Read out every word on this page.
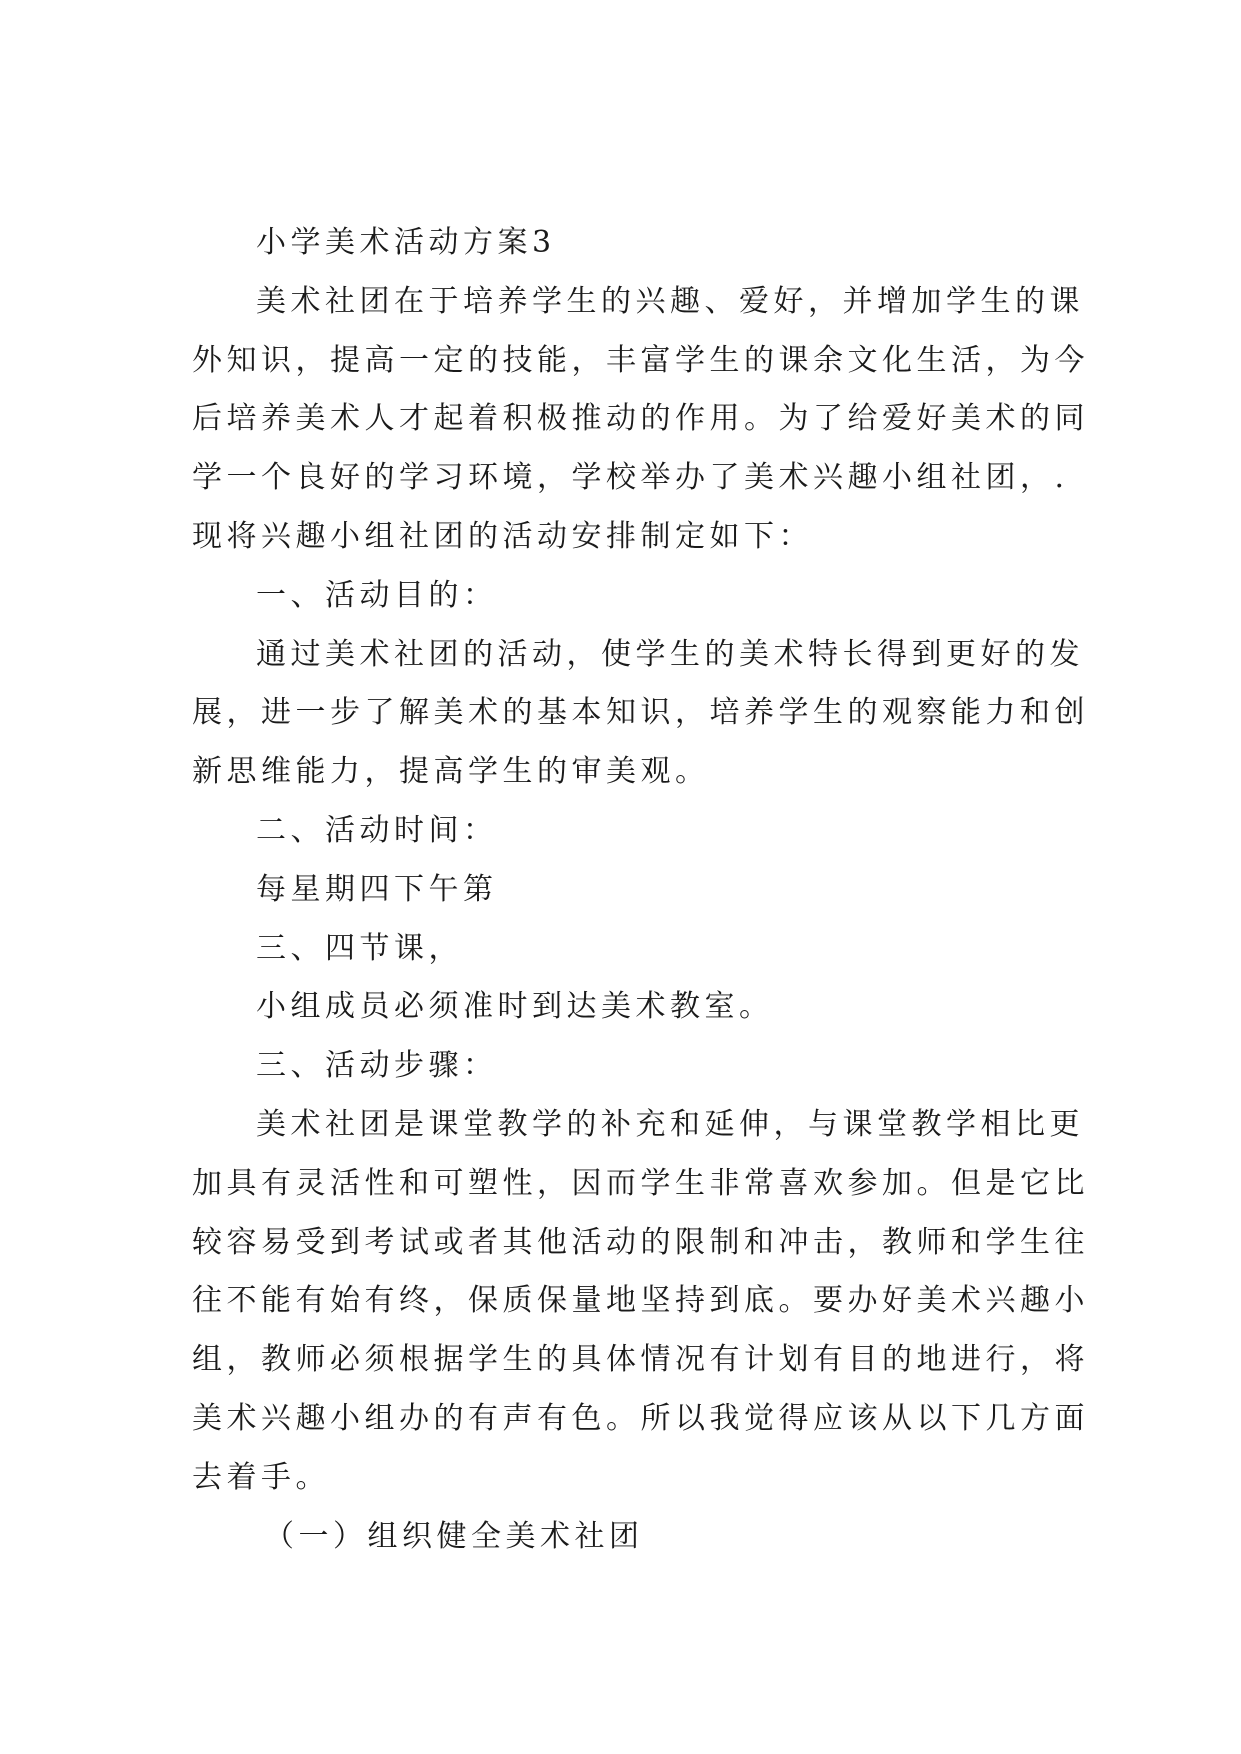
小学美术活动方案3
美术社团在于培养学生的兴趣、爱好，并增加学生的课
外知识，提高一定的技能，丰富学生的课余文化生活，为今
后培养美术人才起着积极推动的作用。为了给爱好美术的同
学一个良好的学习环境，学校举办了美术兴趣小组社团，.
现将兴趣小组社团的活动安排制定如下：
一、活动目的：
通过美术社团的活动，使学生的美术特长得到更好的发
展，进一步了解美术的基本知识，培养学生的观察能力和创
新思维能力，提高学生的审美观。
二、活动时间：
每星期四下午第
三、四节课，
小组成员必须准时到达美术教室。
三、活动步骤：
美术社团是课堂教学的补充和延伸，与课堂教学相比更
加具有灵活性和可塑性，因而学生非常喜欢参加。但是它比
较容易受到考试或者其他活动的限制和冲击，教师和学生往
往不能有始有终，保质保量地坚持到底。要办好美术兴趣小
组，教师必须根据学生的具体情况有计划有目的地进行，将
美术兴趣小组办的有声有色。所以我觉得应该从以下几方面
去着手。
（一）组织健全美术社团
